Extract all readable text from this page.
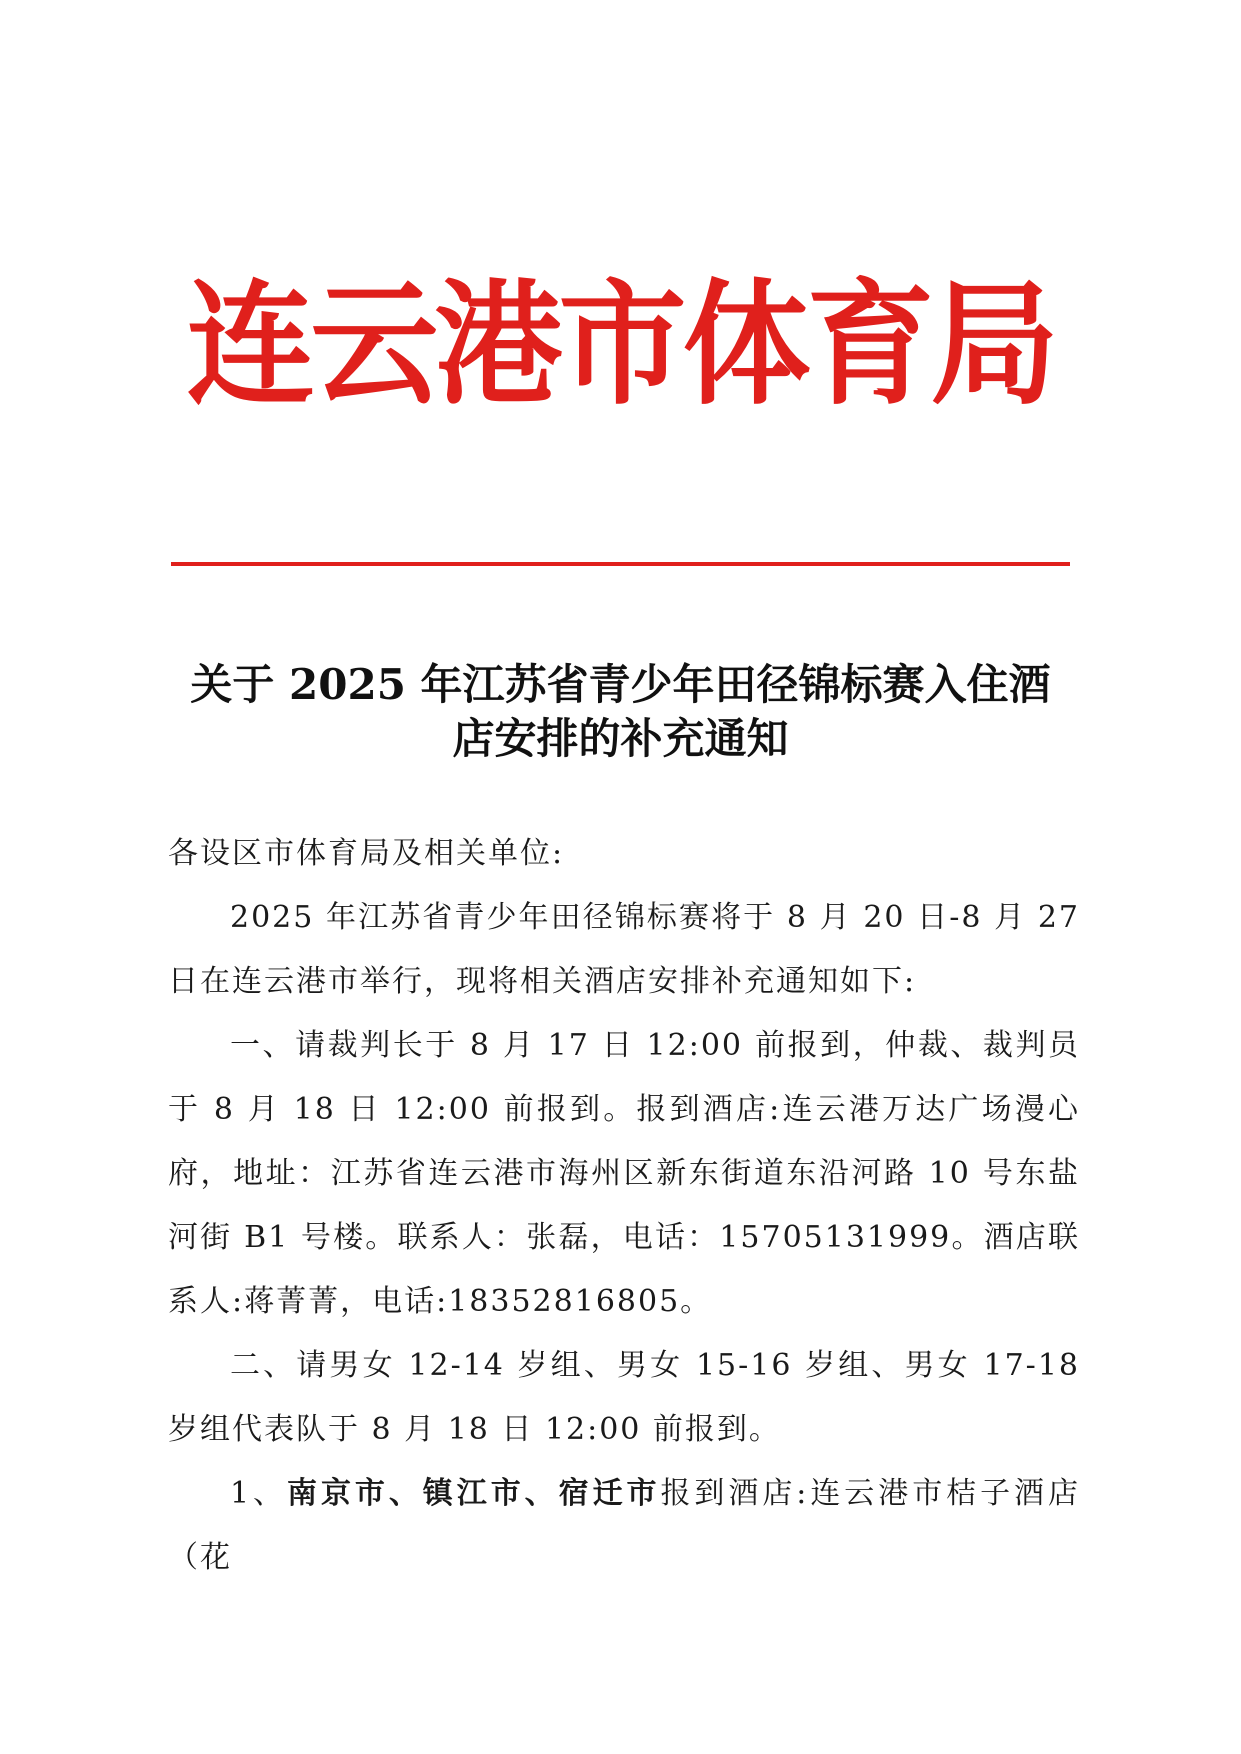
连云港市体育局
关于 2025 年江苏省青少年田径锦标赛入住酒
店安排的补充通知

各设区市体育局及相关单位:

2025 年江苏省青少年田径锦标赛将于 8 月 20 日-8 月 27 日在连云港市举行，现将相关酒店安排补充通知如下:

一、请裁判长于 8 月 17 日 12:00 前报到，仲裁、裁判员于 8 月 18 日 12:00 前报到。报到酒店:连云港万达广场漫心府，地址：江苏省连云港市海州区新东街道东沿河路 10 号东盐河街 B1 号楼。联系人：张磊，电话：15705131999。酒店联系人:蒋菁菁，电话:18352816805。

二、请男女 12-14 岁组、男女 15-16 岁组、男女 17-18 岁组代表队于 8 月 18 日 12:00 前报到。

1、南京市、镇江市、宿迁市报到酒店:连云港市桔子酒店（花
